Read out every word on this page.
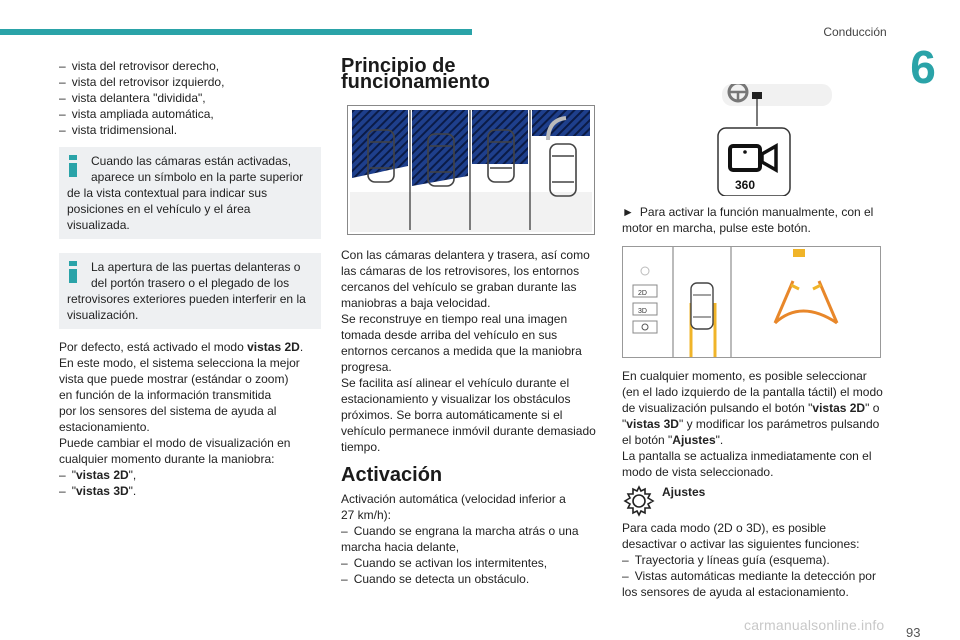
Conducción
6
– vista del retrovisor derecho,
– vista del retrovisor izquierdo,
– vista delantera "dividida",
– vista ampliada automática,
– vista tridimensional.
Cuando las cámaras están activadas,
aparece un símbolo en la parte superior
de la vista contextual para indicar sus
posiciones en el vehículo y el área
visualizada.
La apertura de las puertas delanteras o
del portón trasero o el plegado de los
retrovisores exteriores pueden interferir en la
visualización.
Por defecto, está activado el modo vistas 2D.
En este modo, el sistema selecciona la mejor
vista que puede mostrar (estándar o zoom)
en función de la información transmitida
por los sensores del sistema de ayuda al
estacionamiento.
Puede cambiar el modo de visualización en
cualquier momento durante la maniobra:
– "vistas 2D",
– "vistas 3D".
Principio de funcionamiento
Con las cámaras delantera y trasera, así como
las cámaras de los retrovisores, los entornos
cercanos del vehículo se graban durante las
maniobras a baja velocidad.
Se reconstruye en tiempo real una imagen
tomada desde arriba del vehículo en sus
entornos cercanos a medida que la maniobra
progresa.
Se facilita así alinear el vehículo durante el
estacionamiento y visualizar los obstáculos
próximos. Se borra automáticamente si el
vehículo permanece inmóvil durante demasiado
tiempo.
Activación
Activación automática (velocidad inferior a
27 km/h):
– Cuando se engrana la marcha atrás o una
marcha hacia delante,
– Cuando se activan los intermitentes,
– Cuando se detecta un obstáculo.
360
► Para activar la función manualmente, con el
motor en marcha, pulse este botón.
2D
3D
En cualquier momento, es posible seleccionar
(en el lado izquierdo de la pantalla táctil) el modo
de visualización pulsando el botón "vistas 2D" o
"vistas 3D" y modificar los parámetros pulsando
el botón "Ajustes".
La pantalla se actualiza inmediatamente con el
modo de vista seleccionado.
Ajustes
Para cada modo (2D o 3D), es posible
desactivar o activar las siguientes funciones:
– Trayectoria y líneas guía (esquema).
– Vistas automáticas mediante la detección por
los sensores de ayuda al estacionamiento.
carmanualsonline.info 93
